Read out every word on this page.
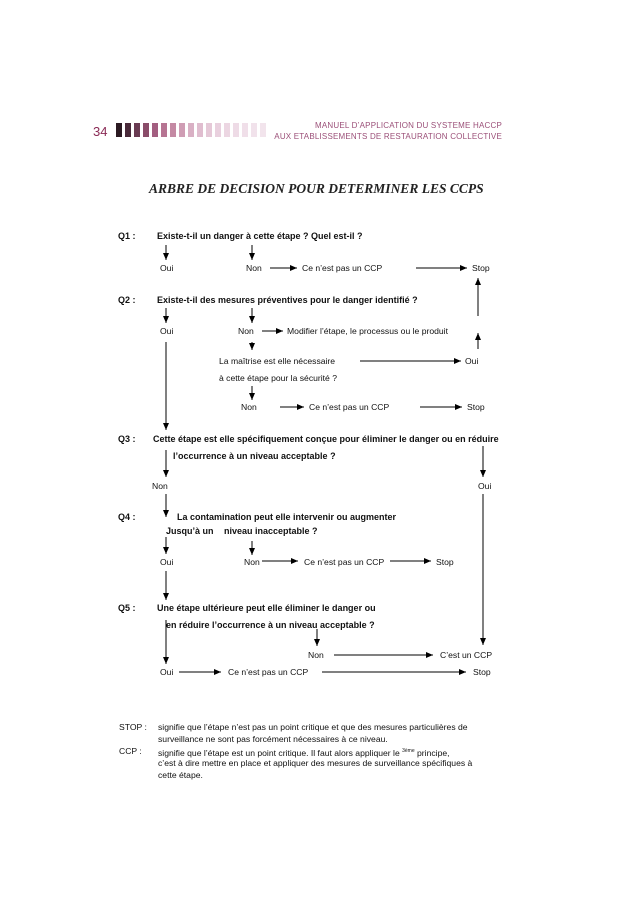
34	MANUEL D’APPLICATION DU SYSTEME HACCP
AUX ETABLISSEMENTS DE RESTAURATION COLLECTIVE
ARBRE DE DECISION POUR DETERMINER LES CCPS
Q1 : Existe-t-il un danger à cette étape ? Quel est-il ?
Oui	Non	Ce n’est pas un CCP	Stop
Q2 : Existe-t-il des mesures préventives pour le danger identifié ?
Oui	Non	Modifier l’étape, le processus ou le produit
La maîtrise est elle nécessaire
à cette étape pour la sécurité ?
Oui
Non	Ce n’est pas un CCP	Stop
Q3 : Cette étape est elle spécifiquement conçue pour éliminer le danger ou en réduire
l’occurrence à un niveau acceptable ?
Non	Oui
Q4 :	La contamination peut elle intervenir ou augmenter
Jusqu’à un niveau inacceptable ?
Oui	Non	Ce n’est pas un CCP	Stop
Q5 : Une étape ultérieure peut elle éliminer le danger ou
en réduire l’occurrence à un niveau acceptable ?
Non	C’est un CCP
Oui	Ce n’est pas un CCP	Stop
STOP : signifie que l’étape n’est pas un point critique et que des mesures particulières de
surveillance ne sont pas forcément nécessaires à ce niveau.
CCP : signifie que l’étape est un point critique. Il faut alors appliquer le $^{3ème}$ principe,
c’est à dire mettre en place et appliquer des mesures de surveillance spécifiques à
cette étape.
